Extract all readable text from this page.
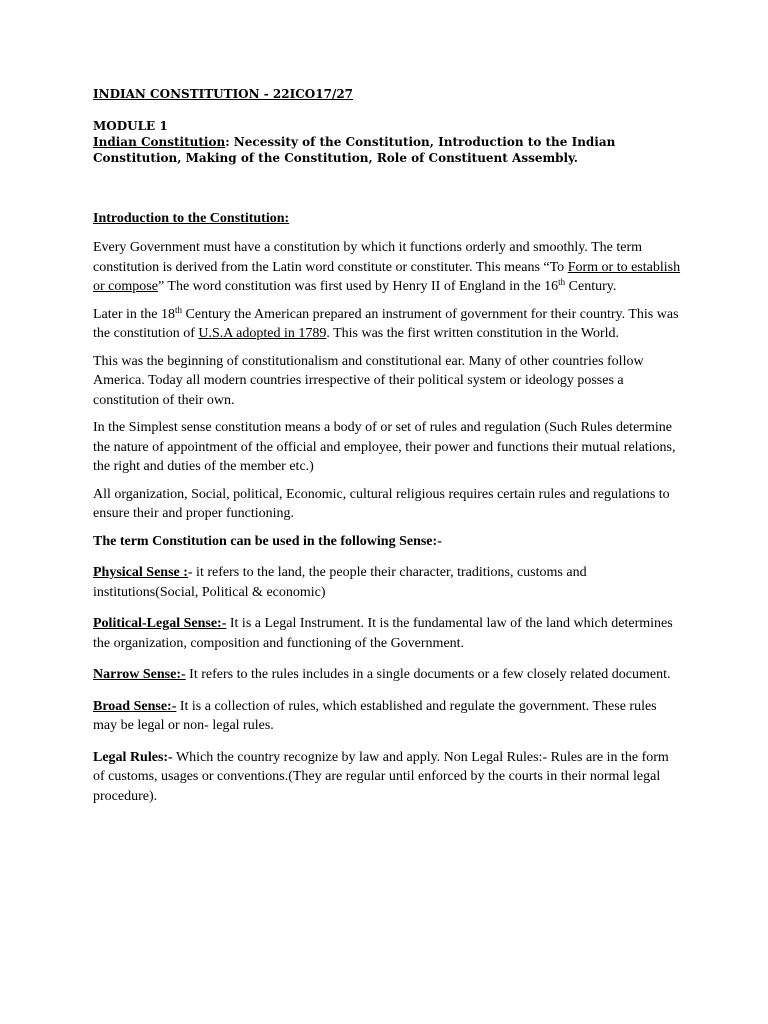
INDIAN CONSTITUTION - 22ICO17/27
MODULE 1
Indian Constitution: Necessity of the Constitution, Introduction to the Indian Constitution, Making of the Constitution, Role of Constituent Assembly.
Introduction to the Constitution:

Every Government must have a constitution by which it functions orderly and smoothly. The term constitution is derived from the Latin word constitute or constituter. This means “To Form or to establish or compose” The word constitution was first used by Henry II of England in the 16th Century.

Later in the 18th Century the American prepared an instrument of government for their country. This was the constitution of U.S.A adopted in 1789. This was the first written constitution in the World.

This was the beginning of constitutionalism and constitutional ear. Many of other countries follow America. Today all modern countries irrespective of their political system or ideology posses a constitution of their own.

In the Simplest sense constitution means a body of or set of rules and regulation (Such Rules determine the nature of appointment of the official and employee, their power and functions their mutual relations, the right and duties of the member etc.)

All organization, Social, political, Economic, cultural religious requires certain rules and regulations to ensure their and proper functioning.

The term Constitution can be used in the following Sense:-

Physical Sense :- it refers to the land, the people their character, traditions, customs and institutions(Social, Political & economic)

Political-Legal Sense:- It is a Legal Instrument. It is the fundamental law of the land which determines the organization, composition and functioning of the Government.

Narrow Sense:- It refers to the rules includes in a single documents or a few closely related document.

Broad Sense:- It is a collection of rules, which established and regulate the government. These rules may be legal or non- legal rules.

Legal Rules:- Which the country recognize by law and apply. Non Legal Rules:- Rules are in the form of customs, usages or conventions.(They are regular until enforced by the courts in their normal legal procedure).
